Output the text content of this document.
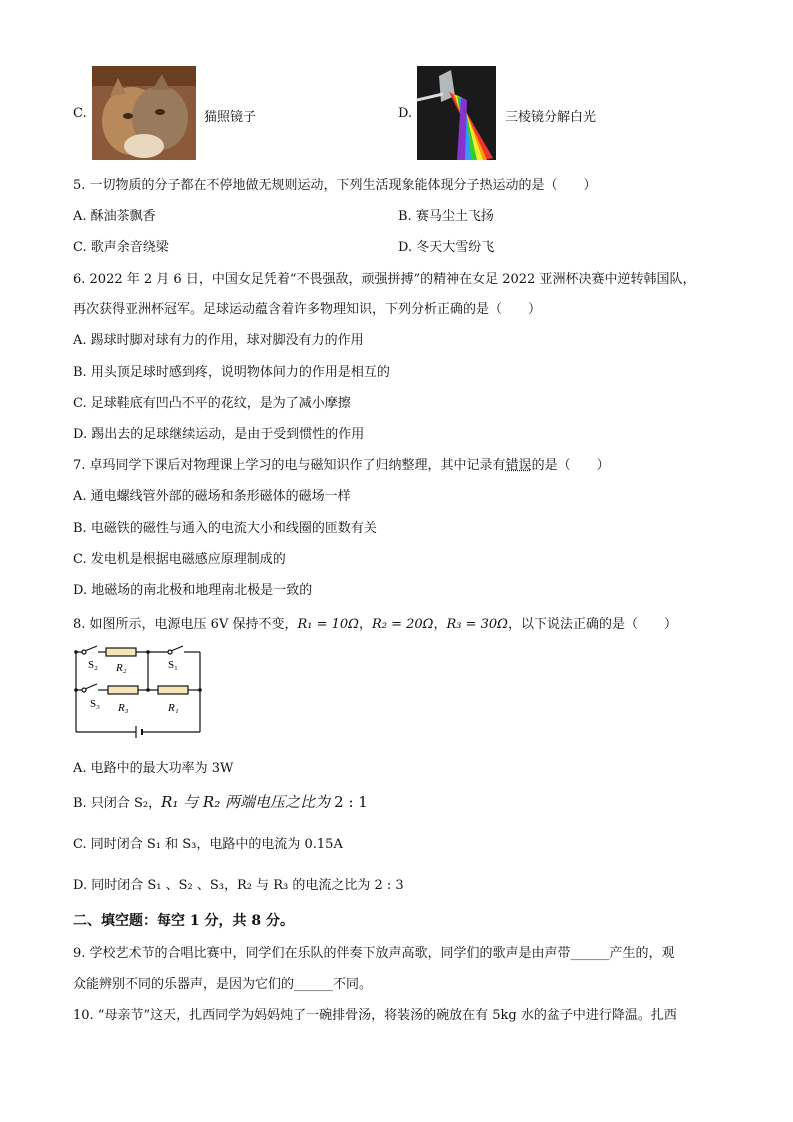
C.	猫照镜子	D.	三棱镜分解白光
5. 一切物质的分子都在不停地做无规则运动，下列生活现象能体现分子热运动的是（　　）
A. 酥油茶飘香	B. 赛马尘土飞扬
C. 歌声余音绕梁	D. 冬天大雪纷飞
6. 2022 年 2 月 6 日，中国女足凭着“不畏强敌，顽强拼搏”的精神在女足 2022 亚洲杯决赛中逆转韩国队，
再次获得亚洲杯冠军。足球运动蕴含着许多物理知识，下列分析正确的是（　　）
A. 踢球时脚对球有力的作用，球对脚没有力的作用
B. 用头顶足球时感到疼，说明物体间力的作用是相互的
C. 足球鞋底有凹凸不平的花纹，是为了减小摩擦
D. 踢出去的足球继续运动，是由于受到惯性的作用
7. 卓玛同学下课后对物理课上学习的电与磁知识作了归纳整理，其中记录有错误的是（　　）
A. 通电螺线管外部的磁场和条形磁体的磁场一样
B. 电磁铁的磁性与通入的电流大小和线圈的匝数有关
C. 发电机是根据电磁感应原理制成的
D. 地磁场的南北极和地理南北极是一致的
8. 如图所示，电源电压 6V 保持不变，R₁ = 10Ω，R₂ = 20Ω，R₃ = 30Ω，以下说法正确的是（　　）
S₂ R₂	S₁
S₃ R₃	R₁
A. 电路中的最大功率为 3W
B. 只闭合 S₂，R₁ 与 R₂ 两端电压之比为 2 : 1
C. 同时闭合 S₁ 和 S₃，电路中的电流为 0.15A
D. 同时闭合 S₁ 、S₂ 、S₃，R₂ 与 R₃ 的电流之比为 2 : 3
二、填空题：每空 1 分，共 8 分。
9. 学校艺术节的合唱比赛中，同学们在乐队的伴奏下放声高歌，同学们的歌声是由声带______产生的，观
众能辨别不同的乐器声，是因为它们的______不同。
10. “母亲节”这天，扎西同学为妈妈炖了一碗排骨汤，将装汤的碗放在有 5kg 水的盆子中进行降温。扎西
